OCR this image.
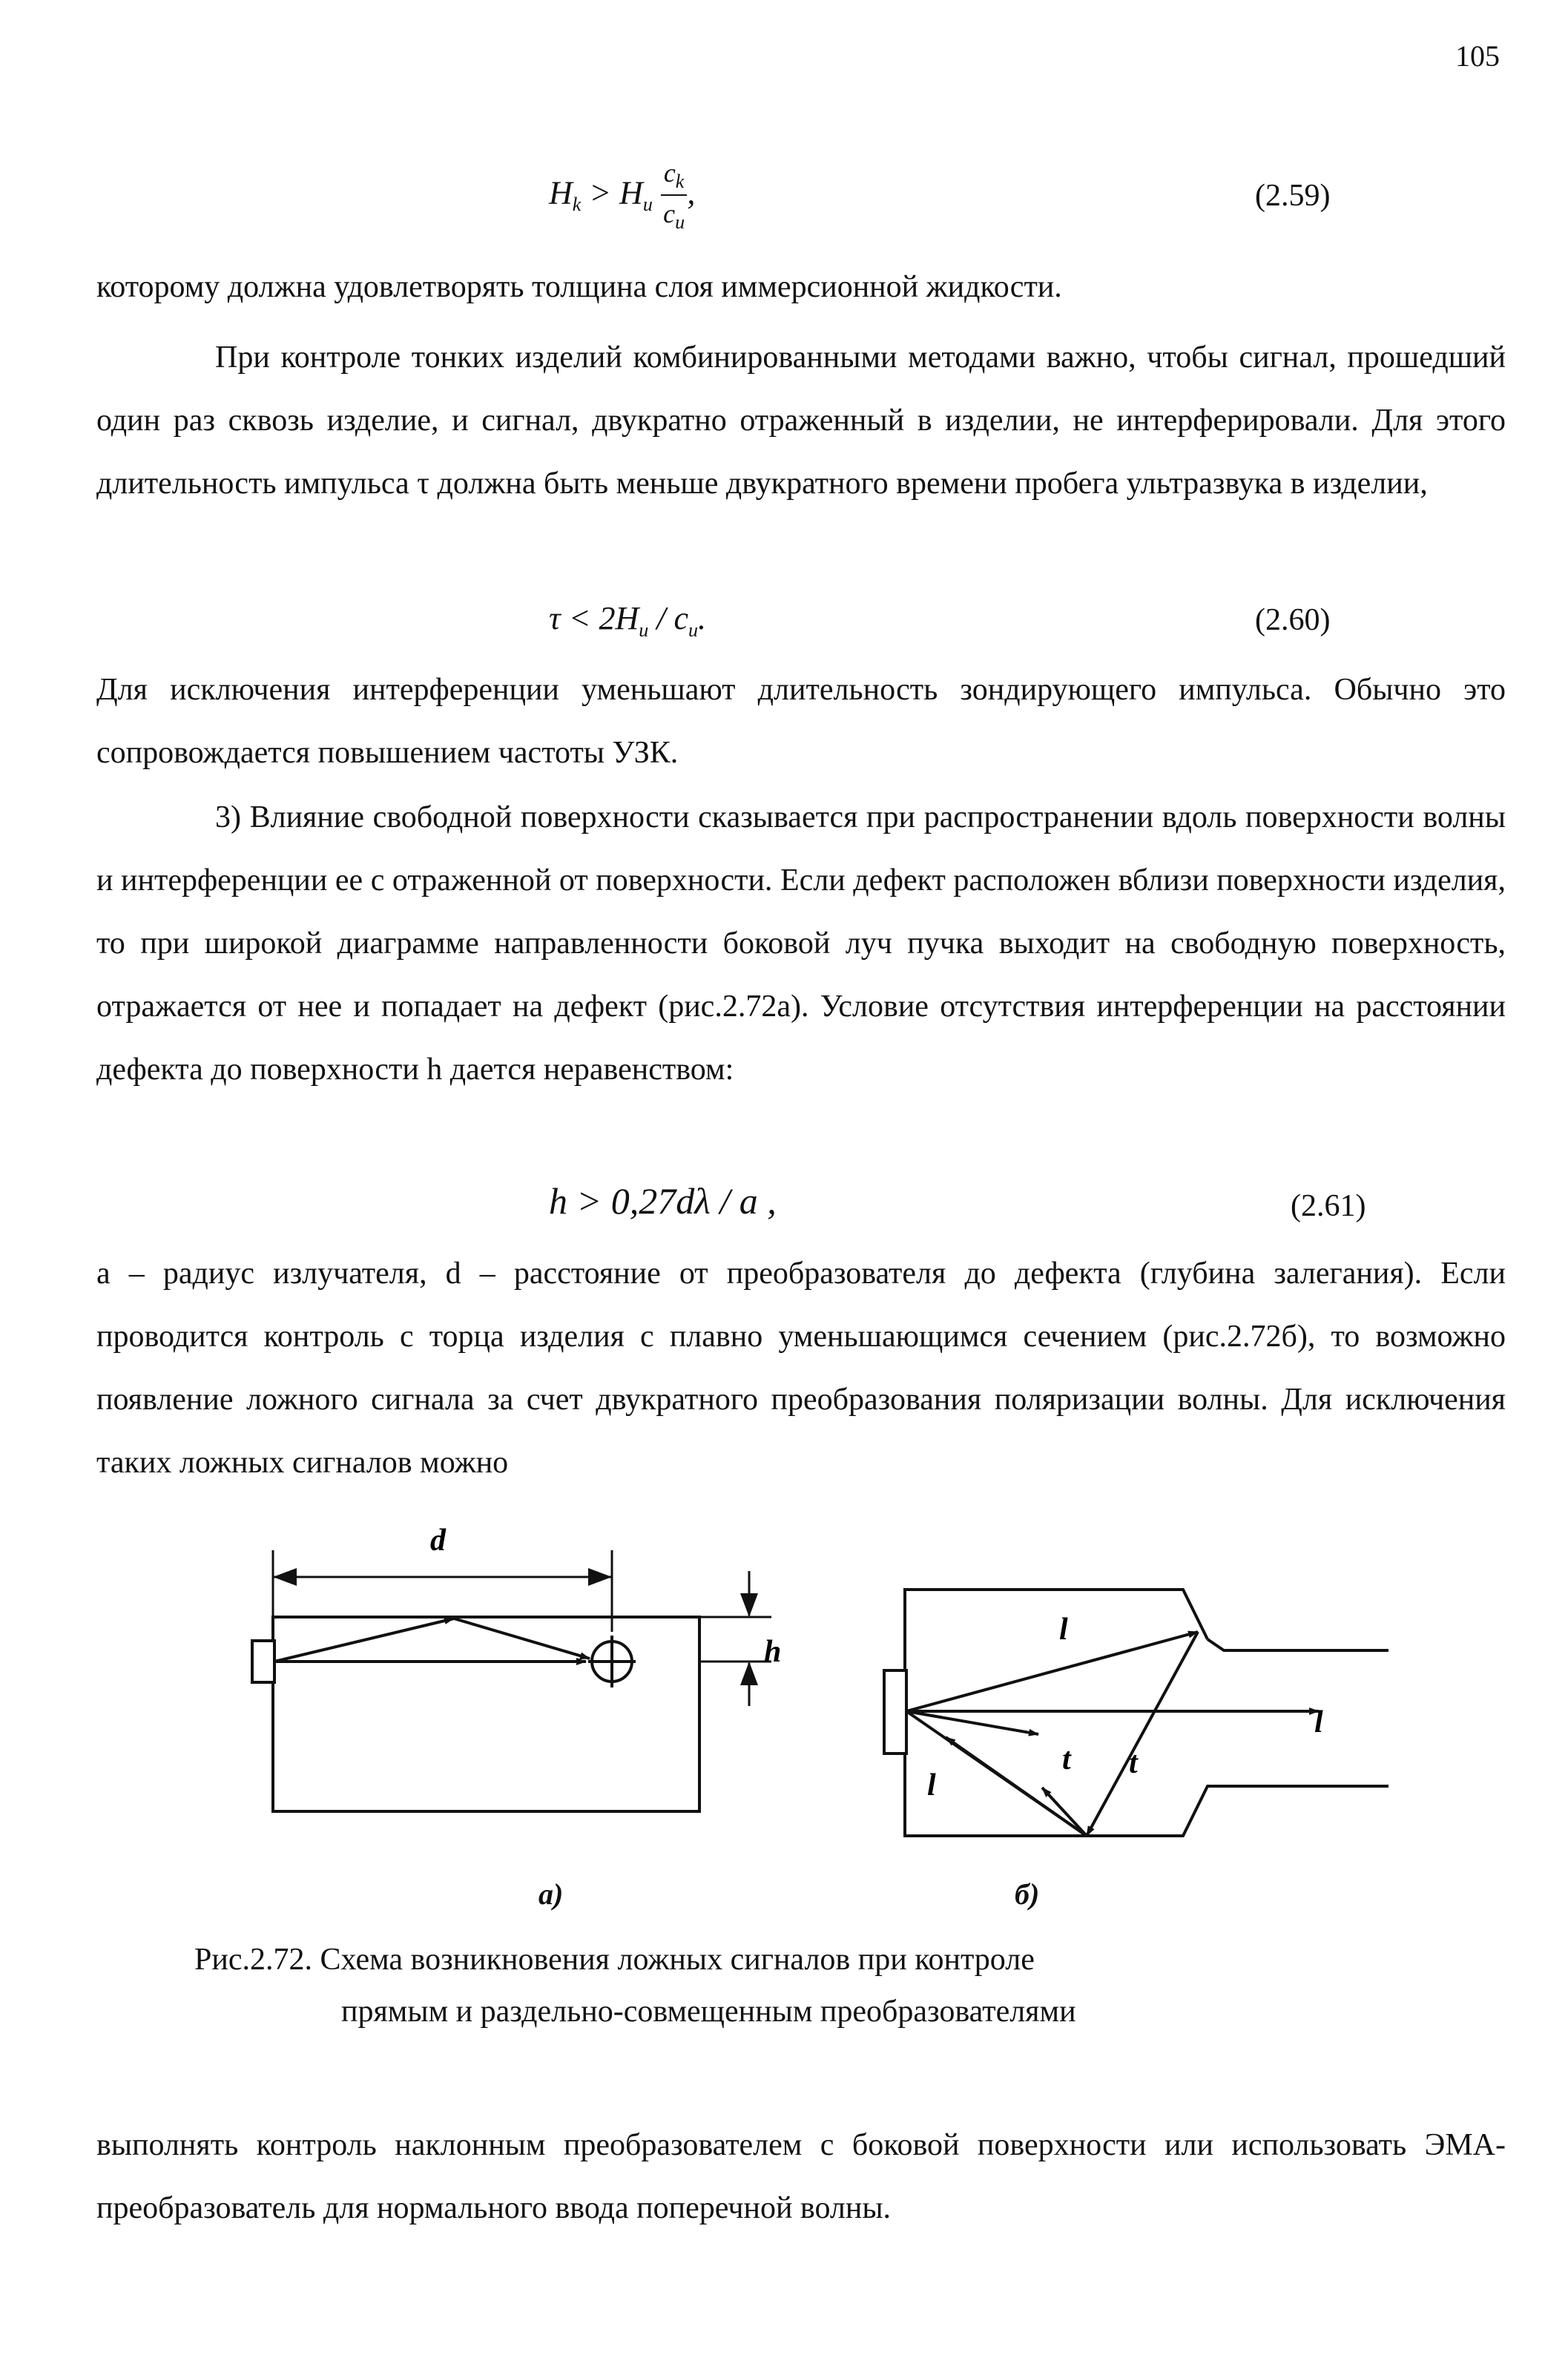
105
$H_k > H_и \frac{c_k}{c_и}$ ,	(2.59)
которому должна удовлетворять толщина слоя иммерсионной жидкости.
При контроле тонких изделий комбинированными методами важно, чтобы сигнал, прошедший один раз сквозь изделие, и сигнал, двукратно отраженный в изделии, не интерферировали. Для этого длительность импульса τ должна быть меньше двукратного времени пробега ультразвука в изделии,
$\tau < 2H_и / c_и$.	(2.60)
Для исключения интерференции уменьшают длительность зондирующего импульса. Обычно это сопровождается повышением частоты УЗК.
3) Влияние свободной поверхности сказывается при распространении вдоль поверхности волны и интерференции ее с отраженной от поверхности. Если дефект расположен вблизи поверхности изделия, то при широкой диаграмме направленности боковой луч пучка выходит на свободную поверхность, отражается от нее и попадает на дефект (рис.2.72а). Условие отсутствия интерференции на расстоянии дефекта до поверхности h дается неравенством:
h > 0,27dλ / a ,	(2.61)
a – радиус излучателя, d – расстояние от преобразователя до дефекта (глубина залегания). Если проводится контроль с торца изделия с плавно уменьшающимся сечением (рис.2.72б), то возможно появление ложного сигнала за счет двукратного преобразования поляризации волны. Для исключения таких ложных сигналов можно
d
h
l
l
l
t t
а)	б)
Рис.2.72. Схема возникновения ложных сигналов при контроле
прямым и раздельно-совмещенным преобразователями
выполнять контроль наклонным преобразователем с боковой поверхности или использовать ЭМА-преобразователь для нормального ввода поперечной волны.
